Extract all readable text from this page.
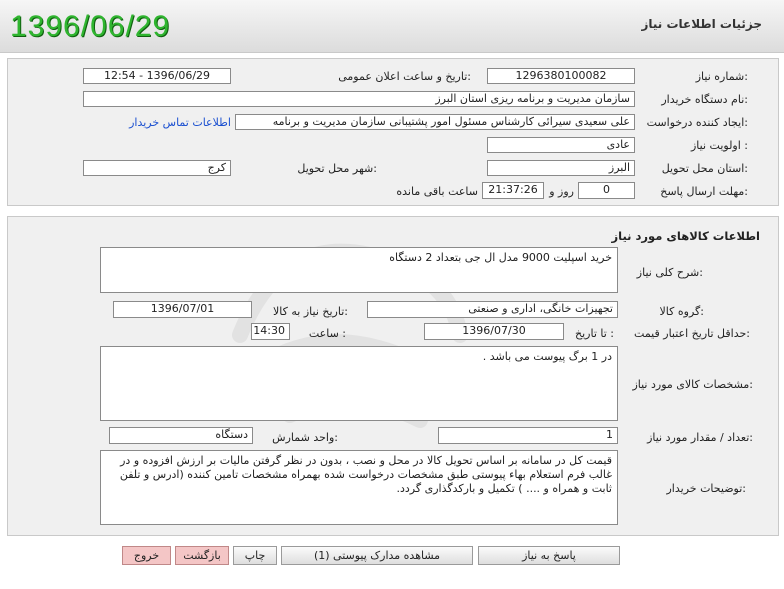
1396/06/29	جزئیات اطلاعات نیاز
شماره نیاز:
1296380100082
تاریخ و ساعت اعلان عمومی:
1396/06/29 - 12:54
نام دستگاه خریدار:
سازمان مدیریت و برنامه ریزی استان البرز
ایجاد کننده درخواست:
علی سعیدی سیرائی کارشناس مسئول امور پشتیبانی سازمان مدیریت و برنامه
اطلاعات تماس خریدار
اولویت نیاز :
عادی
استان محل تحویل:
البرز
شهر محل تحویل:
کرج
مهلت ارسال پاسخ:
0
روز و
21:37:26
ساعت باقی مانده
اطلاعات کالاهای مورد نیاز
شرح کلی نیاز:
خرید اسپلیت 9000 مدل ال جی بتعداد 2 دستگاه
گروه کالا:
تجهیزات خانگی، اداری و صنعتی
تاریخ نیاز به کالا:
1396/07/01
حداقل تاریخ اعتبار قیمت:
تا تاریخ :
1396/07/30
ساعت :
14:30
مشخصات کالای مورد نیاز:
در 1 برگ پیوست می باشد .
تعداد / مقدار مورد نیاز:
1
واحد شمارش:
دستگاه
توضیحات خریدار:
قیمت کل در سامانه بر اساس تحویل کالا در محل و نصب ، بدون در نظر گرفتن مالیات بر ارزش افزوده و در غالب فرم استعلام بهاء پیوستی طبق مشخصات درخواست شده بهمراه مشخصات تامین کننده (ادرس و تلفن ثابت و همراه و .... ) تکمیل و بارکدگذاری گردد.
پاسخ به نیاز
مشاهده مدارک پیوستی (1)
چاپ
بازگشت
خروج
